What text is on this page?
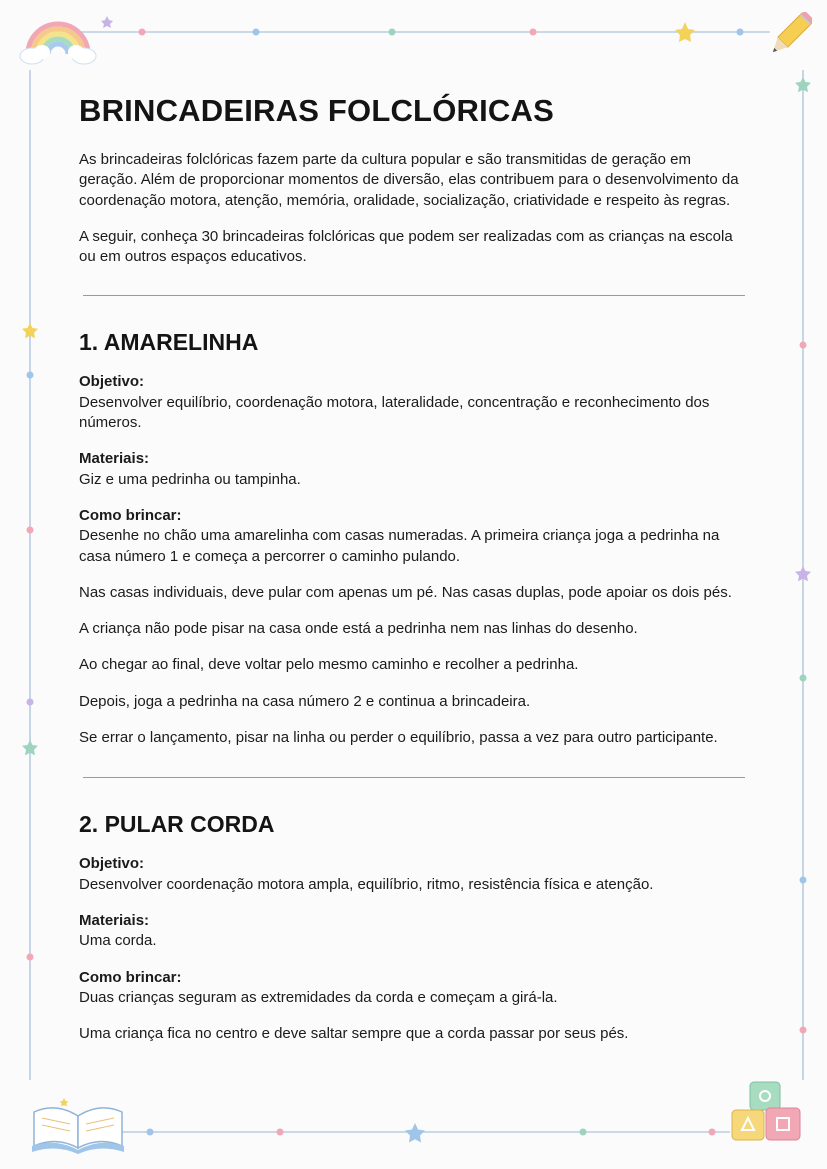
BRINCADEIRAS FOLCLÓRICAS

As brincadeiras folclóricas fazem parte da cultura popular e são transmitidas de geração em geração. Além de proporcionar momentos de diversão, elas contribuem para o desenvolvimento da coordenação motora, atenção, memória, oralidade, socialização, criatividade e respeito às regras.

A seguir, conheça 30 brincadeiras folclóricas que podem ser realizadas com as crianças na escola ou em outros espaços educativos.

1. AMARELINHA

Objetivo:

Desenvolver equilíbrio, coordenação motora, lateralidade, concentração e reconhecimento dos números.

Materiais:

Giz e uma pedrinha ou tampinha.

Como brincar:

Desenhe no chão uma amarelinha com casas numeradas. A primeira criança joga a pedrinha na casa número 1 e começa a percorrer o caminho pulando.

Nas casas individuais, deve pular com apenas um pé. Nas casas duplas, pode apoiar os dois pés.

A criança não pode pisar na casa onde está a pedrinha nem nas linhas do desenho.

Ao chegar ao final, deve voltar pelo mesmo caminho e recolher a pedrinha.

Depois, joga a pedrinha na casa número 2 e continua a brincadeira.

Se errar o lançamento, pisar na linha ou perder o equilíbrio, passa a vez para outro participante.

2. PULAR CORDA

Objetivo:

Desenvolver coordenação motora ampla, equilíbrio, ritmo, resistência física e atenção.

Materiais:

Uma corda.

Como brincar:

Duas crianças seguram as extremidades da corda e começam a girá-la.

Uma criança fica no centro e deve saltar sempre que a corda passar por seus pés.
